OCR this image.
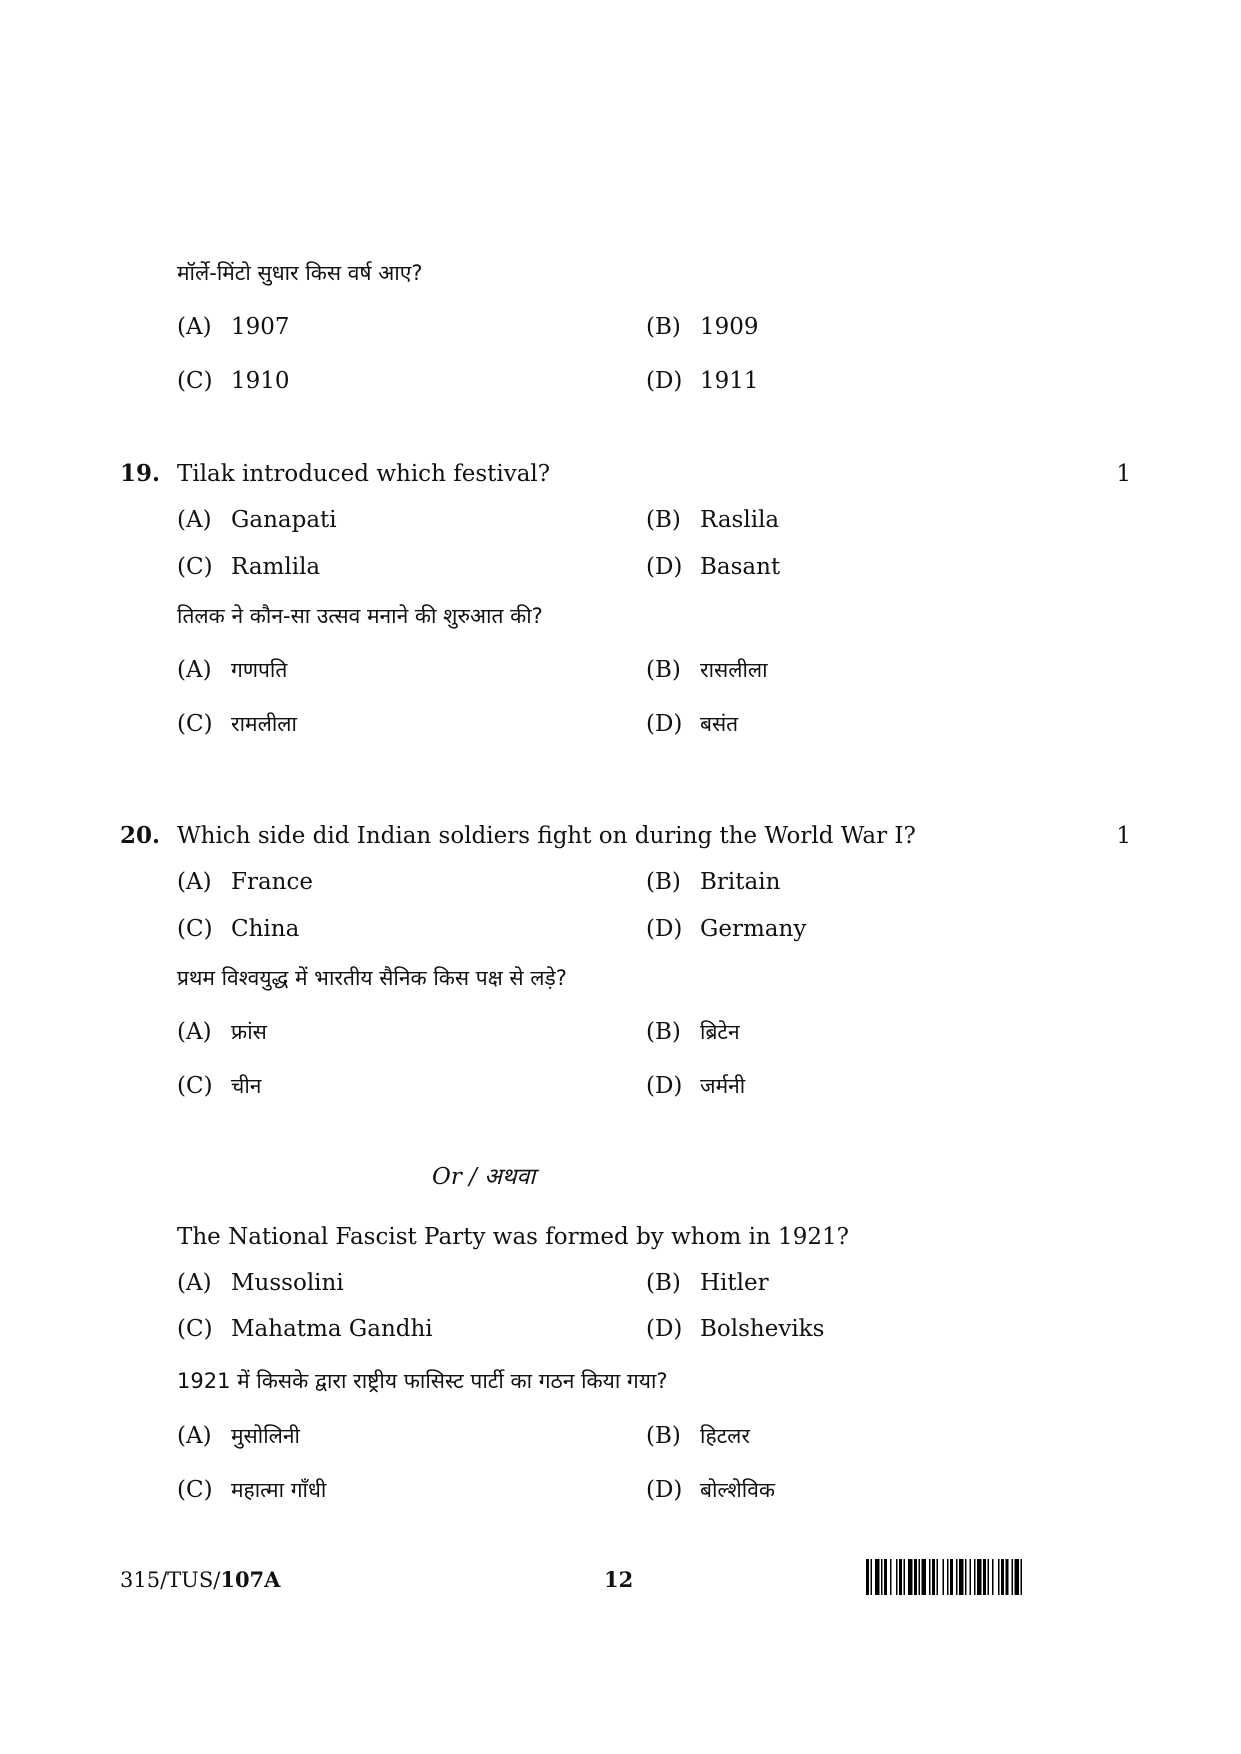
मॉर्ले-मिंटो सुधार किस वर्ष आए?
(A) 1907	(B) 1909
(C) 1910	(D) 1911
19. Tilak introduced which festival?	1
(A) Ganapati	(B) Raslila
(C) Ramlila	(D) Basant
तिलक ने कौन-सा उत्सव मनाने की शुरुआत की?
(A) गणपति	(B) रासलीला
(C) रामलीला	(D) बसंत
20. Which side did Indian soldiers fight on during the World War I?	1
(A) France	(B) Britain
(C) China	(D) Germany
प्रथम विश्वयुद्ध में भारतीय सैनिक किस पक्ष से लड़े?
(A) फ्रांस	(B) ब्रिटेन
(C) चीन	(D) जर्मनी
Or / अथवा
The National Fascist Party was formed by whom in 1921?
(A) Mussolini	(B) Hitler
(C) Mahatma Gandhi	(D) Bolsheviks
1921 में किसके द्वारा राष्ट्रीय फासिस्ट पार्टी का गठन किया गया?
(A) मुसोलिनी	(B) हिटलर
(C) महात्मा गाँधी	(D) बोल्शेविक
315/TUS/107A	12
